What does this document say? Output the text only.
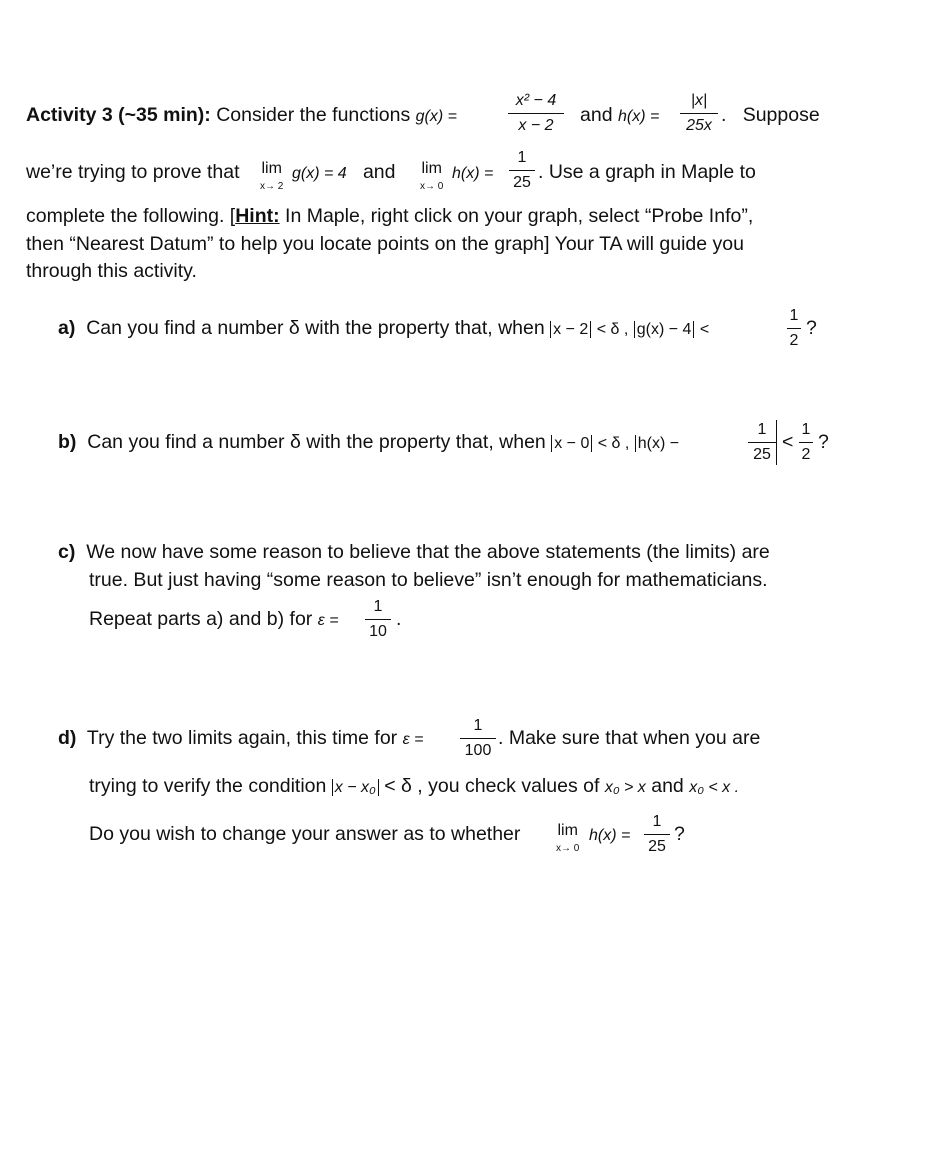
Activity 3 (~35 min): Consider the functions g(x) =
x² − 4
x − 2	and h(x) =
|x|
25x . Suppose
we’re trying to prove that lim
x→ 2
g(x) = 4 and lim
x→ 0
h(x) =
1
25 . Use a graph in Maple to
complete the following. [Hint: In Maple, right click on your graph, select “Probe Info”,
then “Nearest Datum” to help you locate points on the graph] Your TA will guide you
through this activity.
a) Can you find a number δ with the property that, when x − 2 < δ , g(x) − 4 <
1
2
?
b) Can you find a number δ with the property that, when x − 0 < δ , h(x) −
1
25
<
1
2
?
c) We now have some reason to believe that the above statements (the limits) are
true. But just having “some reason to believe” isn’t enough for mathematicians.
Repeat parts a) and b) for ε =
1
10
.
d) Try the two limits again, this time for ε =
1
100
. Make sure that when you are
trying to verify the condition x − x₀ < δ , you check values of x₀ > x and x₀ < x .
Do you wish to change your answer as to whether lim
x→ 0
h(x) =
1
25
?
